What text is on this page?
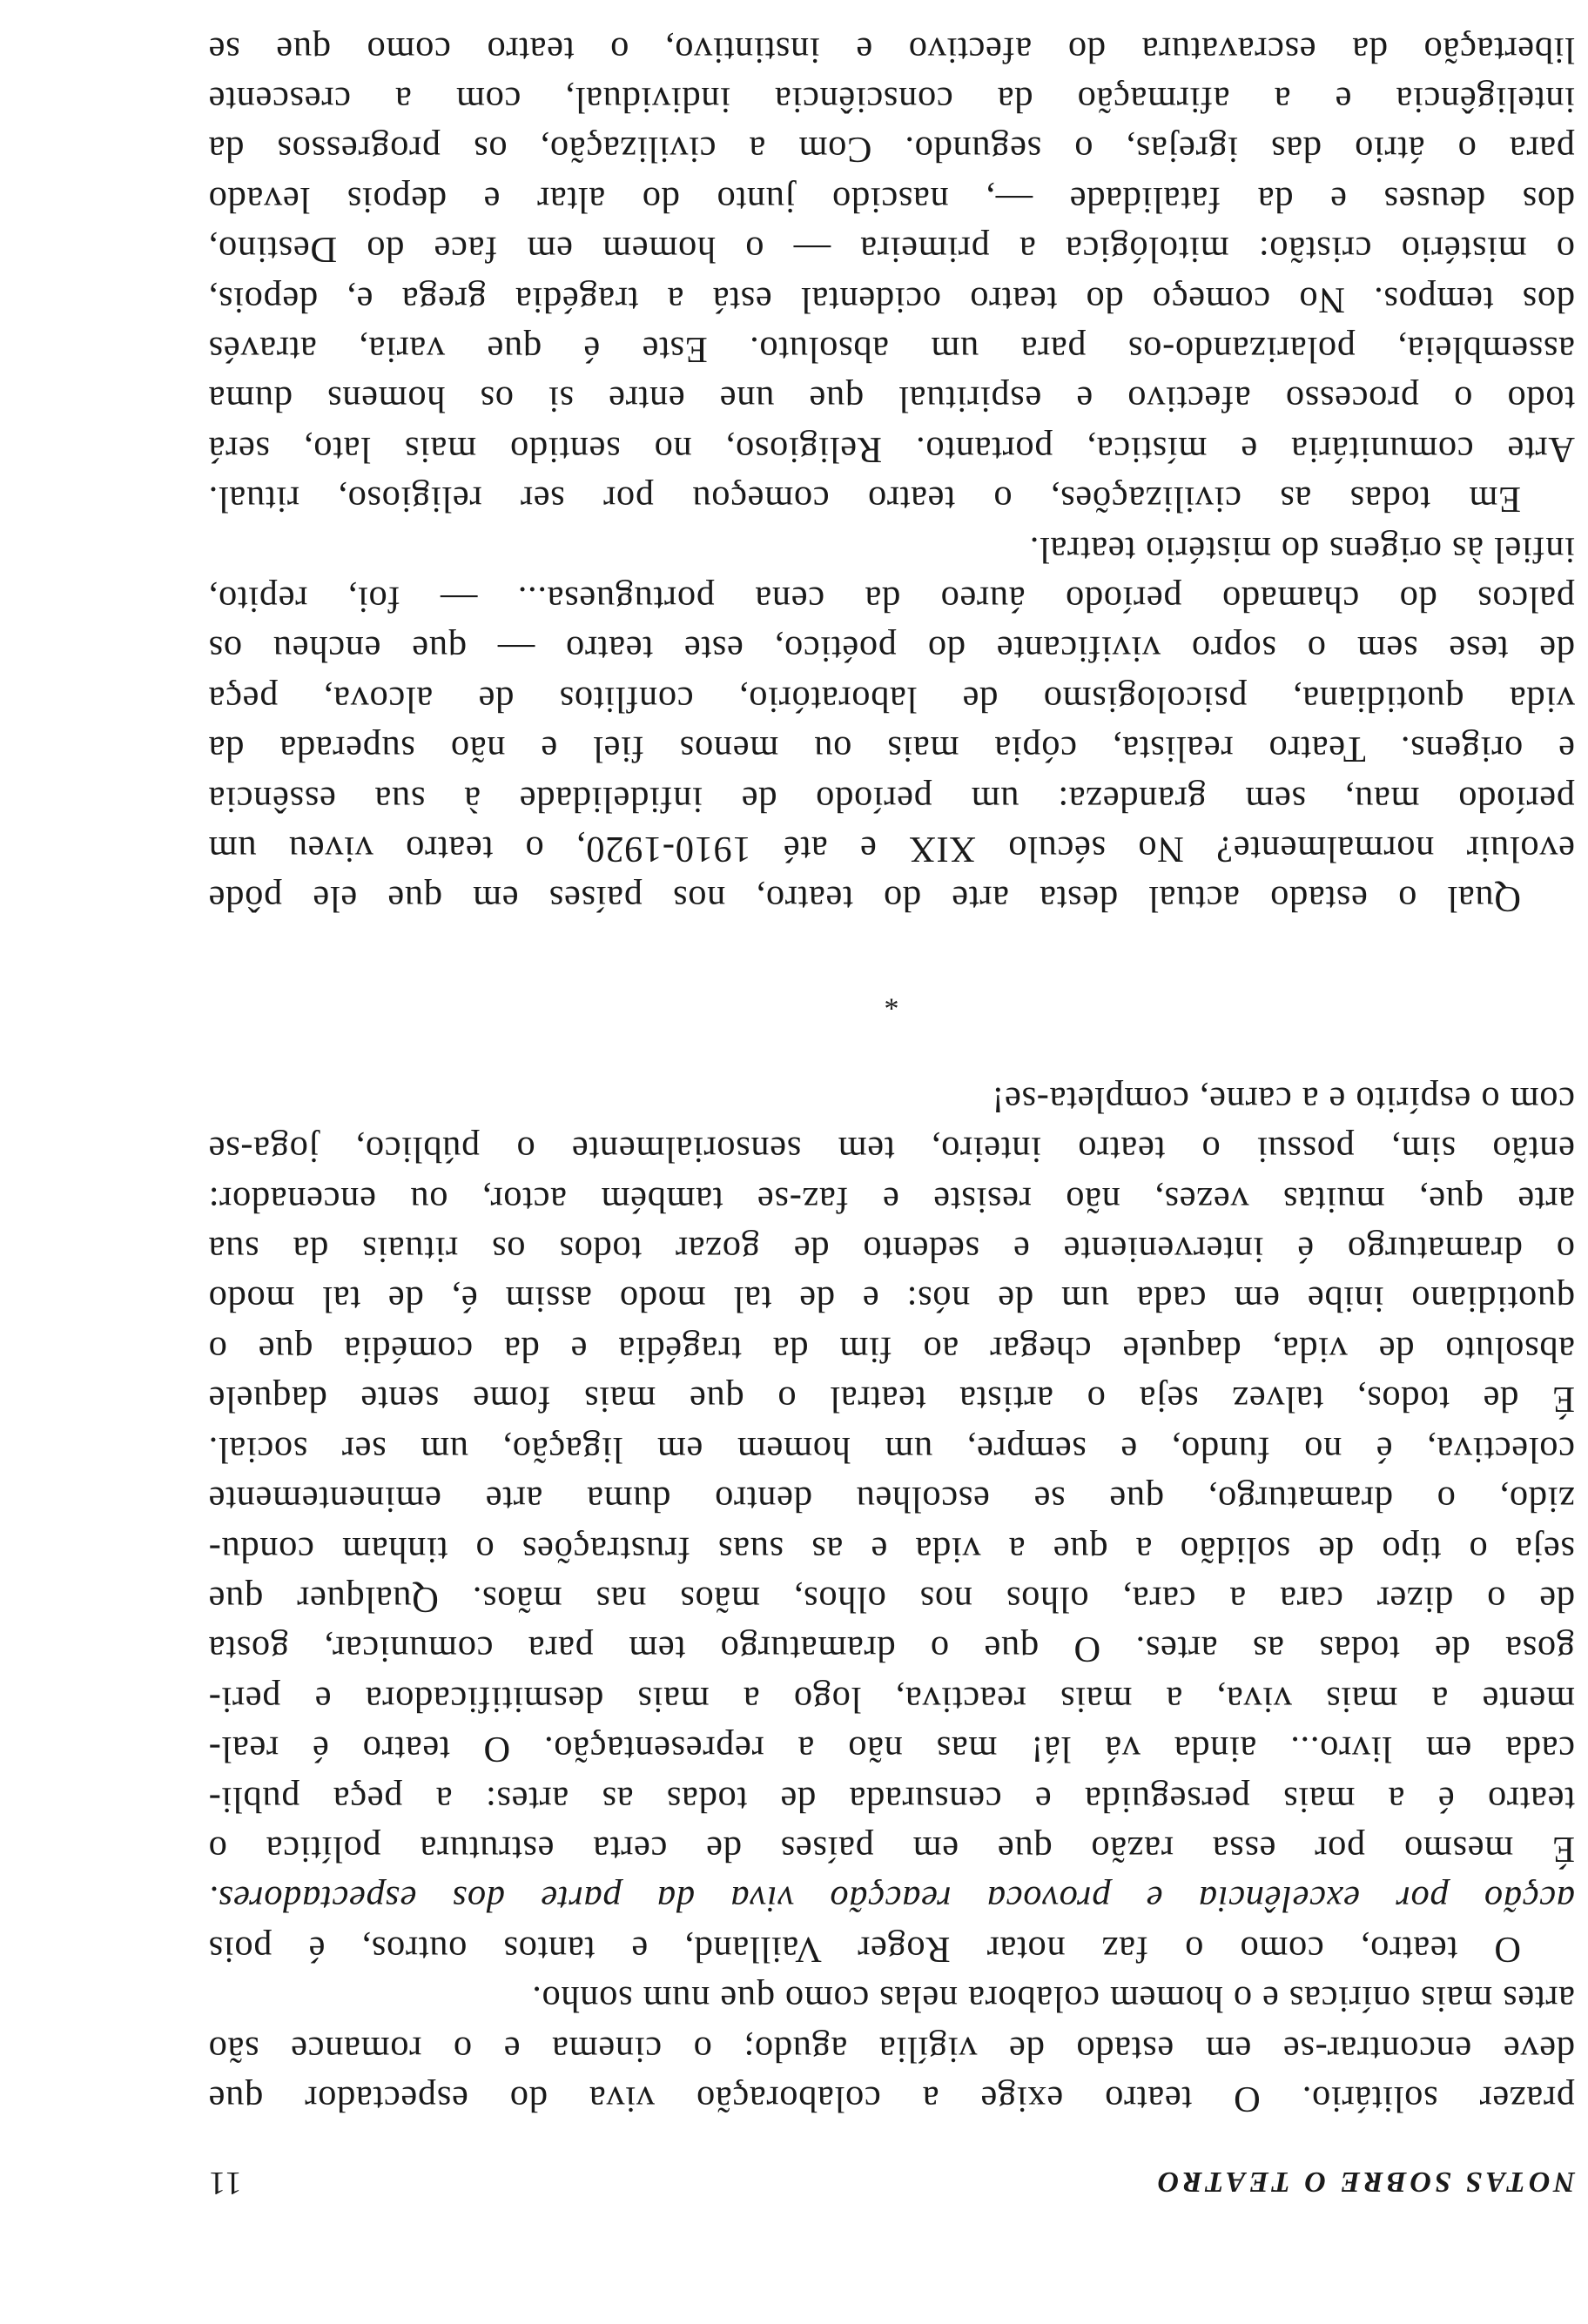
NOTAS SOBRE O TEATRO
11

prazer solitário. O teatro exige a colaboração viva do espectador que
deve encontrar-se em estado de vigília agudo; o cinema e o romance são
artes mais oníricas e o homem colabora nelas como que num sonho.

O teatro, como o faz notar Roger Vailland, e tantos outros, é pois
acção por excelência e provoca reacção viva da parte dos espectadores.
É mesmo por essa razão que em países de certa estrutura política o
teatro é a mais perseguida e censurada de todas as artes: a peça publi-
cada em livro... ainda vá lá! mas não a representação. O teatro é real-
mente a mais viva, a mais reactiva, logo a mais desmitificadora e peri-
gosa de todas as artes. O que o dramaturgo tem para comunicar, gosta
de o dizer cara a cara, olhos nos olhos, mãos nas mãos. Qualquer que
seja o tipo de solidão a que a vida e as suas frustrações o tinham condu-
zido, o dramaturgo, que se escolheu dentro duma arte eminentemente
colectiva, é no fundo, e sempre, um homem em ligação, um ser social.
É de todos, talvez seja o artista teatral o que mais fome sente daquele
absoluto de vida, daquele chegar ao fim da tragédia e da comédia que o
quotidiano inibe em cada um de nós: e de tal modo assim é, de tal modo
o dramaturgo é interveniente e sedento de gozar todos os rituais da sua
arte que, muitas vezes, não resiste e faz-se também actor, ou encenador:
então sim, possui o teatro inteiro, tem sensorialmente o público, joga-se
com o espírito e a carne, completa-se!

*

Qual o estado actual desta arte do teatro, nos países em que ele pôde
evoluir normalmente? No século XIX e até 1910-1920, o teatro viveu um
período mau, sem grandeza: um período de infidelidade à sua essência
e origens. Teatro realista, cópia mais ou menos fiel e não superada da
vida quotidiana, psicologismo de laboratório, conflitos de alcova, peça
de tese sem o sopro vivificante do poético, este teatro — que encheu os
palcos do chamado período áureo da cena portuguesa... — foi, repito,
infiel às origens do mistério teatral.

Em todas as civilizações, o teatro começou por ser religioso, ritual.
Arte comunitária e mística, portanto. Religioso, no sentido mais lato, será
todo o processo afectivo e espiritual que une entre si os homens duma
assembleia, polarizando-os para um absoluto. Este é que varia, através
dos tempos. No começo do teatro ocidental está a tragédia grega e, depois,
o mistério cristão: mitológica a primeira — o homem em face do Destino,
dos deuses e da fatalidade —, nascido junto do altar e depois levado
para o átrio das igrejas, o segundo. Com a civilização, os progressos da
inteligência e a afirmação da consciência individual, com a crescente
libertação da escravatura do afectivo e instintivo, o teatro como que se
